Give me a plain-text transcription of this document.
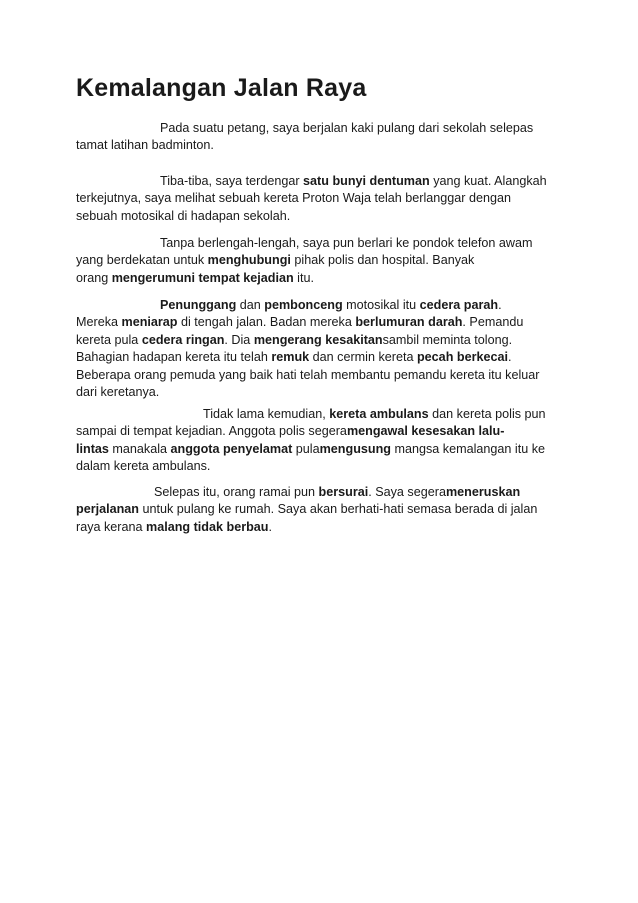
Kemalangan Jalan Raya
Pada suatu petang, saya berjalan kaki pulang dari sekolah selepas
tamat latihan badminton.
Tiba-tiba, saya terdengar satu bunyi dentuman yang kuat. Alangkah
terkejutnya, saya melihat sebuah kereta Proton Waja telah berlanggar dengan
sebuah motosikal di hadapan sekolah.
Tanpa berlengah-lengah, saya pun berlari ke pondok telefon awam
yang berdekatan untuk menghubungi pihak polis dan hospital. Banyak
orang mengerumuni tempat kejadian itu.
Penunggang dan pembonceng motosikal itu cedera parah.
Mereka meniarap di tengah jalan. Badan mereka berlumuran darah. Pemandu
kereta pula cedera ringan. Dia mengerang kesakitansambil meminta tolong.
Bahagian hadapan kereta itu telah remuk dan cermin kereta pecah berkecai.
Beberapa orang pemuda yang baik hati telah membantu pemandu kereta itu keluar
dari keretanya.
Tidak lama kemudian, kereta ambulans dan kereta polis pun
sampai di tempat kejadian. Anggota polis segeramengawal kesesakan lalu-
lintas manakala anggota penyelamat pulamengusung mangsa kemalangan itu ke
dalam kereta ambulans.
Selepas itu, orang ramai pun bersurai. Saya segerameneruskan
perjalanan untuk pulang ke rumah. Saya akan berhati-hati semasa berada di jalan
raya kerana malang tidak berbau.
